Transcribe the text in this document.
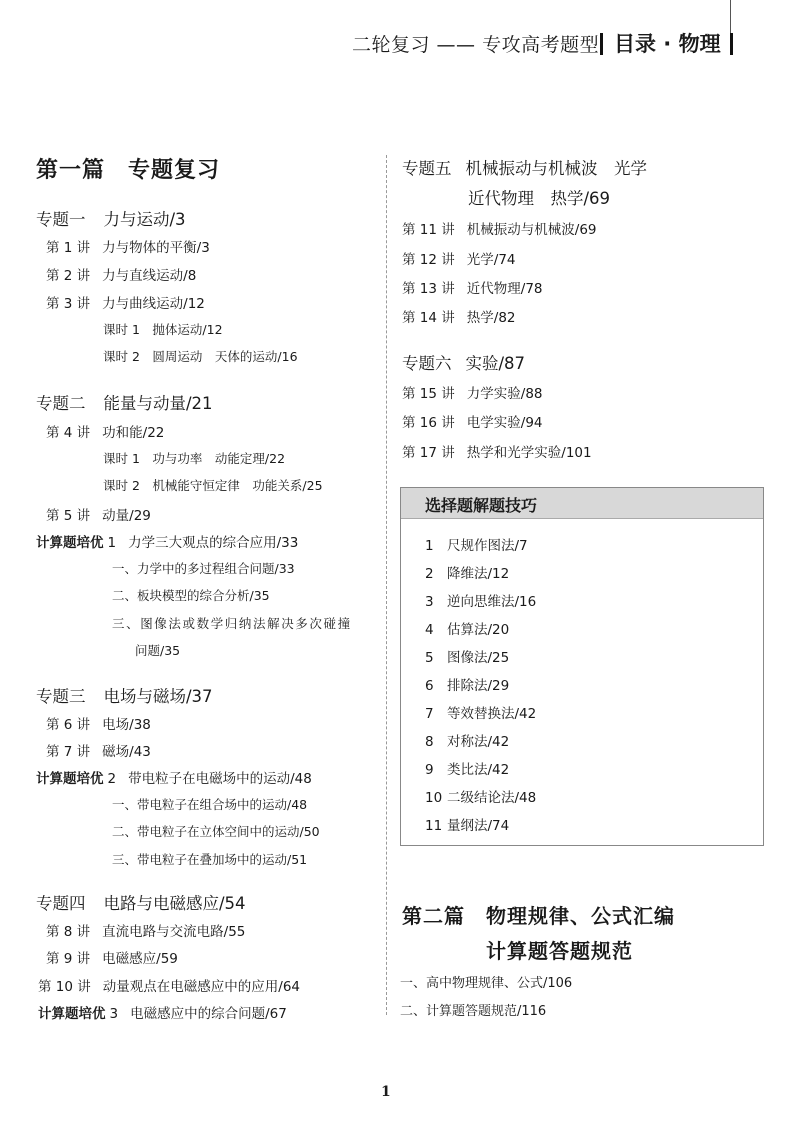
二轮复习 —— 专攻高考题型 目录 · 物理
第一篇　专题复习
专题一 力与运动/3
第 1 讲 力与物体的平衡/3
第 2 讲 力与直线运动/8
第 3 讲 力与曲线运动/12
课时 1　抛体运动/12
课时 2　圆周运动　天体的运动/16
专题二 能量与动量/21
第 4 讲 功和能/22
课时 1　功与功率　动能定理/22
课时 2　机械能守恒定律　功能关系/25
第 5 讲 动量/29
计算题培优 1 力学三大观点的综合应用/33
一、力学中的多过程组合问题/33
二、板块模型的综合分析/35
三、图像法或数学归纳法解决多次碰撞
问题/35
专题三 电场与磁场/37
第 6 讲 电场/38
第 7 讲 磁场/43
计算题培优 2 带电粒子在电磁场中的运动/48
一、带电粒子在组合场中的运动/48
二、带电粒子在立体空间中的运动/50
三、带电粒子在叠加场中的运动/51
专题四 电路与电磁感应/54
第 8 讲 直流电路与交流电路/55
第 9 讲 电磁感应/59
第 10 讲 动量观点在电磁感应中的应用/64
计算题培优 3 电磁感应中的综合问题/67
专题五 机械振动与机械波　光学
近代物理　热学/69
第 11 讲 机械振动与机械波/69
第 12 讲 光学/74
第 13 讲 近代物理/78
第 14 讲 热学/82
专题六 实验/87
第 15 讲 力学实验/88
第 16 讲 电学实验/94
第 17 讲 热学和光学实验/101
选择题解题技巧
1 尺规作图法/7
2 降维法/12
3 逆向思维法/16
4 估算法/20
5 图像法/25
6 排除法/29
7 等效替换法/42
8 对称法/42
9 类比法/42
10 二级结论法/48
11 量纲法/74
第二篇　物理规律、公式汇编
计算题答题规范
一、高中物理规律、公式/106
二、计算题答题规范/116
1
